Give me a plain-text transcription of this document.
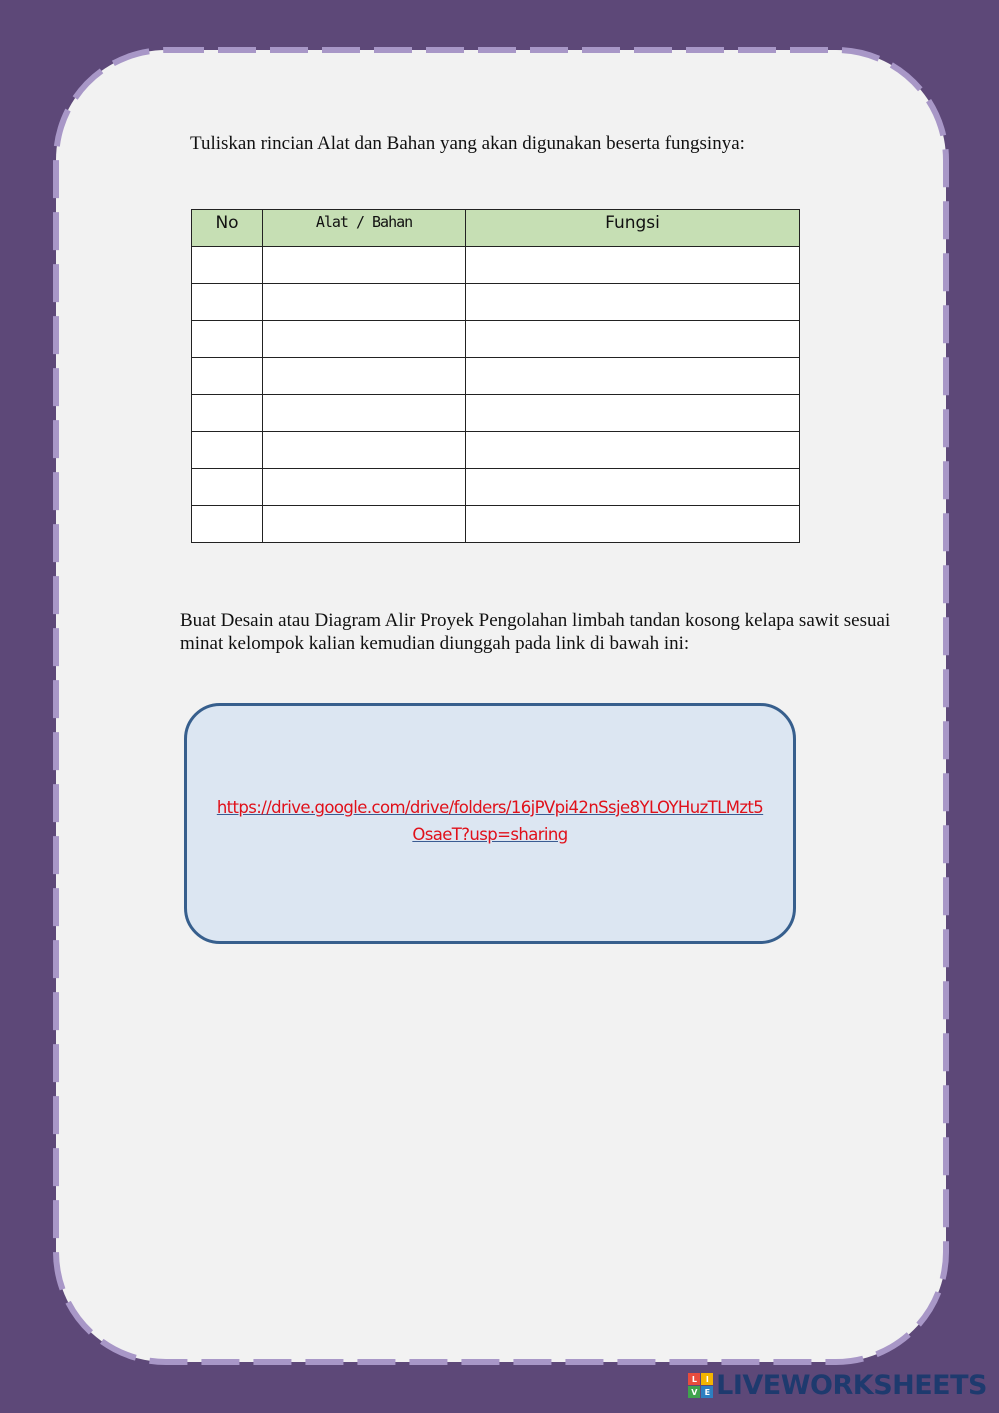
Tuliskan rincian Alat dan Bahan yang akan digunakan beserta fungsinya:

No	Alat / Bahan	Fungsi

Buat Desain atau Diagram Alir Proyek Pengolahan limbah tandan kosong kelapa sawit sesuai minat kelompok kalian kemudian diunggah pada link di bawah ini:

https://drive.google.com/drive/folders/16jPVpi42nSsje8YLOYHuzTLMzt5
OsaeT?usp=sharing
L	I
V E LIVEWORKSHEETS
